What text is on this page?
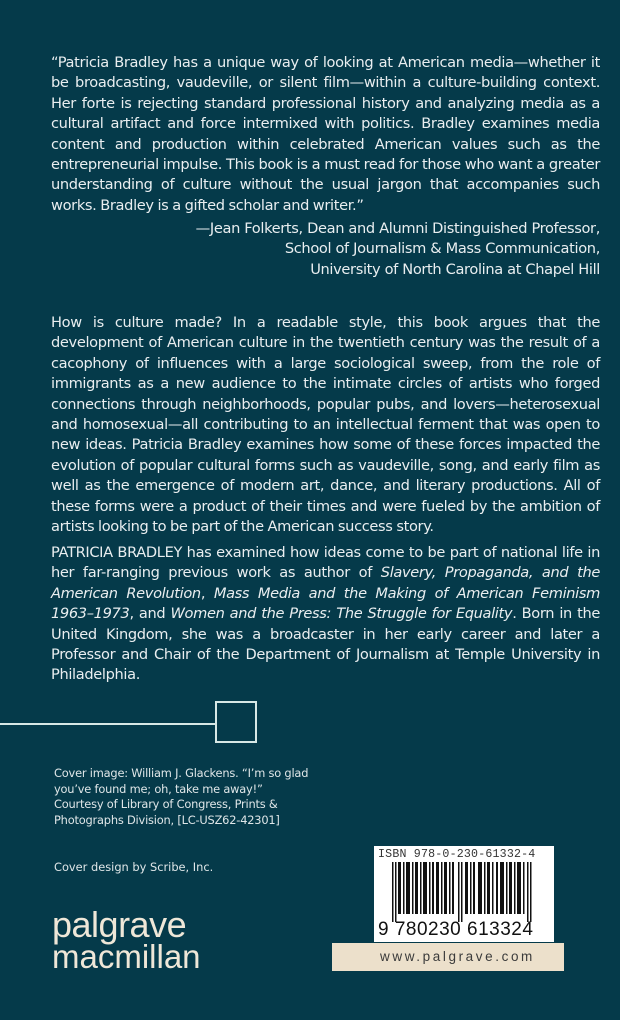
“Patricia Bradley has a unique way of looking at American media—whether it be broadcasting, vaudeville, or silent film—within a culture-building context. Her forte is rejecting standard professional history and analyzing media as a cultural artifact and force intermixed with politics. Bradley examines media content and production within celebrated American values such as the entrepreneurial impulse. This book is a must read for those who want a greater understanding of culture without the usual jargon that accompanies such works. Bradley is a gifted scholar and writer.”

—Jean Folkerts, Dean and Alumni Distinguished Professor,
School of Journalism & Mass Communication,
University of North Carolina at Chapel Hill

How is culture made? In a readable style, this book argues that the development of American culture in the twentieth century was the result of a cacophony of influences with a large sociological sweep, from the role of immigrants as a new audience to the intimate circles of artists who forged connections through neighborhoods, popular pubs, and lovers—heterosexual and homosexual—all contributing to an intellectual ferment that was open to new ideas. Patricia Bradley examines how some of these forces impacted the evolution of popular cultural forms such as vaudeville, song, and early film as well as the emergence of modern art, dance, and literary productions. All of these forms were a product of their times and were fueled by the ambition of artists looking to be part of the American success story.

PATRICIA BRADLEY has examined how ideas come to be part of national life in her far-ranging previous work as author of Slavery, Propaganda, and the American Revolution, Mass Media and the Making of American Feminism 1963–1973, and Women and the Press: The Struggle for Equality. Born in the United Kingdom, she was a broadcaster in her early career and later a Professor and Chair of the Department of Journalism at Temple University in Philadelphia.

Cover image: William J. Glackens. “I’m so glad you’ve found me; oh, take me away!” Courtesy of Library of Congress, Prints & Photographs Division, [LC-USZ62-42301]
Cover design by Scribe, Inc.
palgrave
macmillan
ISBN 978-0-230-61332-4
9 780230 613324
www.palgrave.com
